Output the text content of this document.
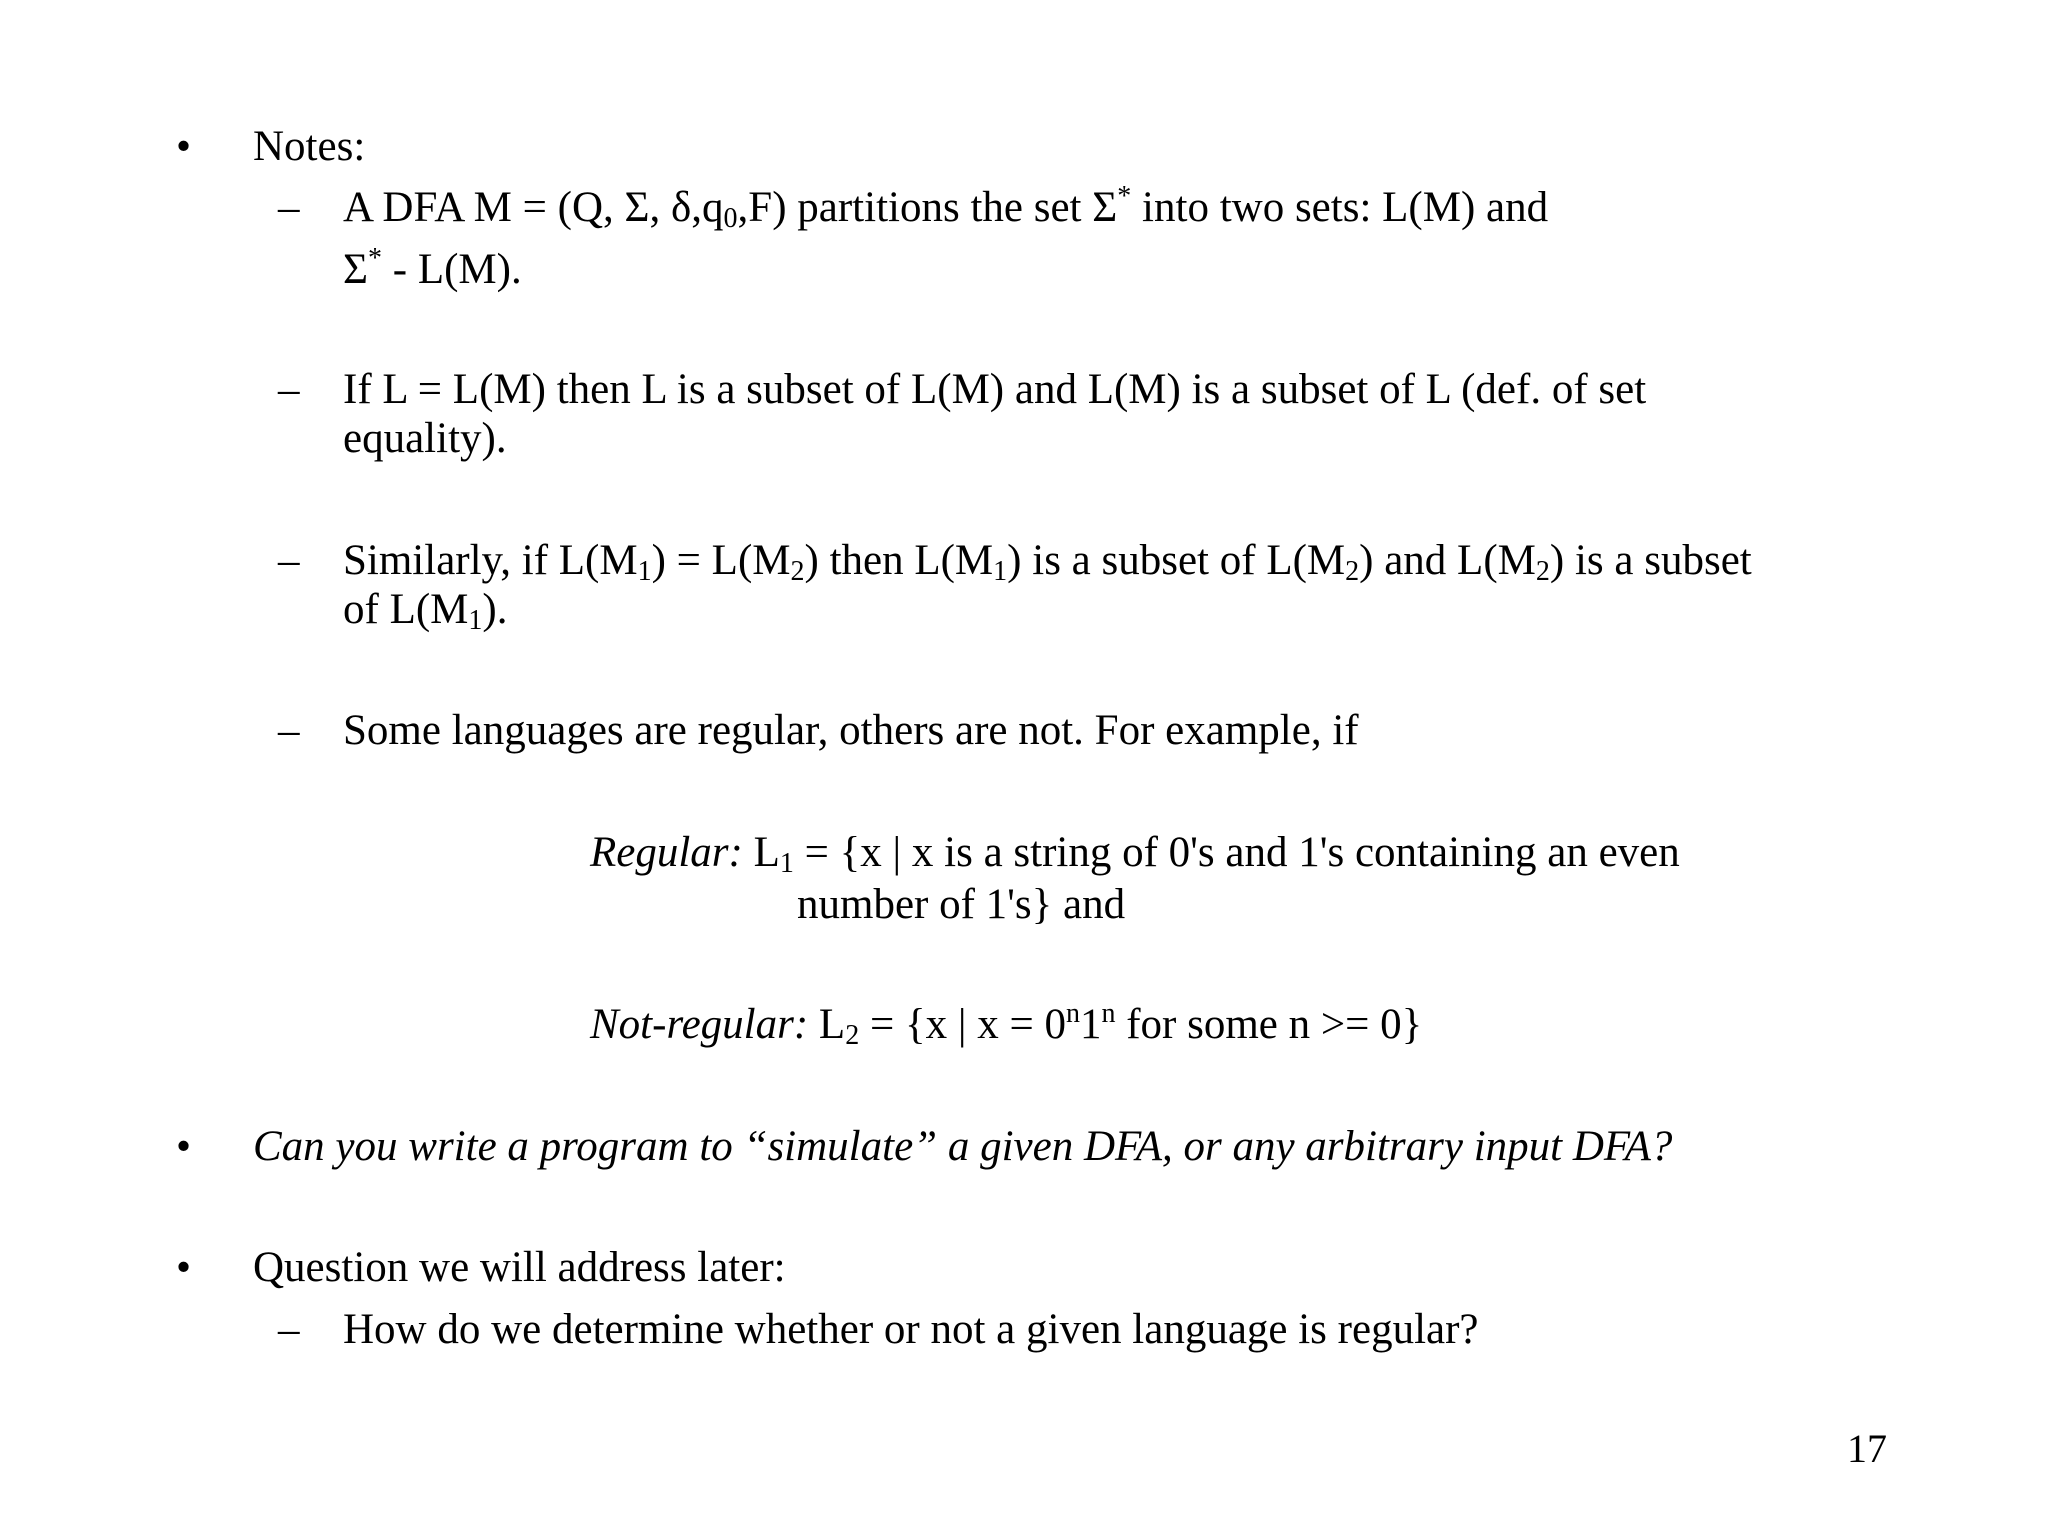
• Notes:
– A DFA M = (Q, Σ, $\delta,q_0,F$) partitions the set Σ* into two sets: L(M) and
Σ* - L(M).
– If L = L(M) then L is a subset of L(M) and L(M) is a subset of L (def. of set
equality).
– Similarly, if $L(M_1) = L(M_2)$ then $L(M_1)$ is a subset of $L(M_2)$ and $L(M_2)$ is a subset
of $L(M_1)$.
– Some languages are regular, others are not. For example, if
Regular: $L_1 = \{x$ | x is a string of 0's and 1's containing an even
number of 1's} and
Not-regular: $L_2 = \{x$ | $x = 0^n1^n$ for some n >= 0}
• Can you write a program to “simulate” a given DFA, or any arbitrary input DFA?
• Question we will address later:
– How do we determine whether or not a given language is regular?
17
